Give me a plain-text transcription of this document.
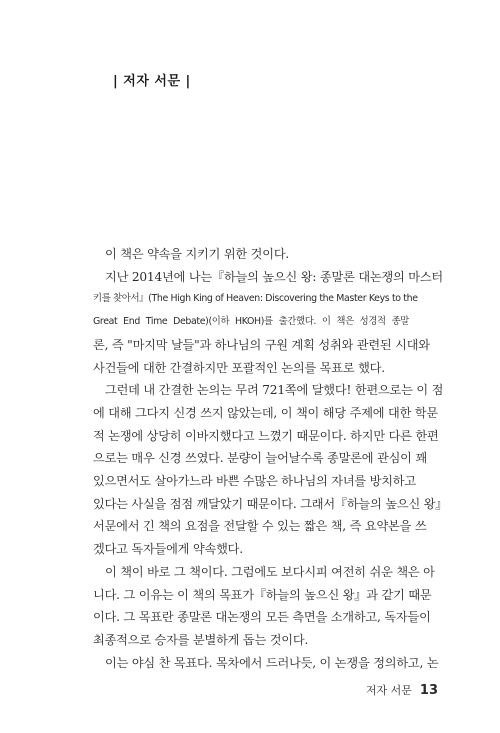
| 저자 서문 |
이 책은 약속을 지키기 위한 것이다.
지난 2014년에 나는『하늘의 높으신 왕: 종말론 대논쟁의 마스터
키를 찾아서』(The High King of Heaven: Discovering the Master Keys to the
Great End Time Debate)(이하 HKOH)를 출간했다. 이 책은 성경적 종말
론, 즉 "마지막 날들"과 하나님의 구원 계획 성취와 관련된 시대와
사건들에 대한 간결하지만 포괄적인 논의를 목표로 했다.
그런데 내 간결한 논의는 무려 721쪽에 달했다! 한편으로는 이 점
에 대해 그다지 신경 쓰지 않았는데, 이 책이 해당 주제에 대한 학문
적 논쟁에 상당히 이바지했다고 느꼈기 때문이다. 하지만 다른 한편
으로는 매우 신경 쓰였다. 분량이 늘어날수록 종말론에 관심이 꽤
있으면서도 살아가느라 바쁜 수많은 하나님의 자녀를 방치하고
있다는 사실을 점점 깨달았기 때문이다. 그래서『하늘의 높으신 왕』
서문에서 긴 책의 요점을 전달할 수 있는 짧은 책, 즉 요약본을 쓰
겠다고 독자들에게 약속했다.
이 책이 바로 그 책이다. 그럼에도 보다시피 여전히 쉬운 책은 아
니다. 그 이유는 이 책의 목표가『하늘의 높으신 왕』과 같기 때문
이다. 그 목표란 종말론 대논쟁의 모든 측면을 소개하고, 독자들이
최종적으로 승자를 분별하게 돕는 것이다.
이는 야심 찬 목표다. 목차에서 드러나듯, 이 논쟁을 정의하고, 논
저자 서문 13
